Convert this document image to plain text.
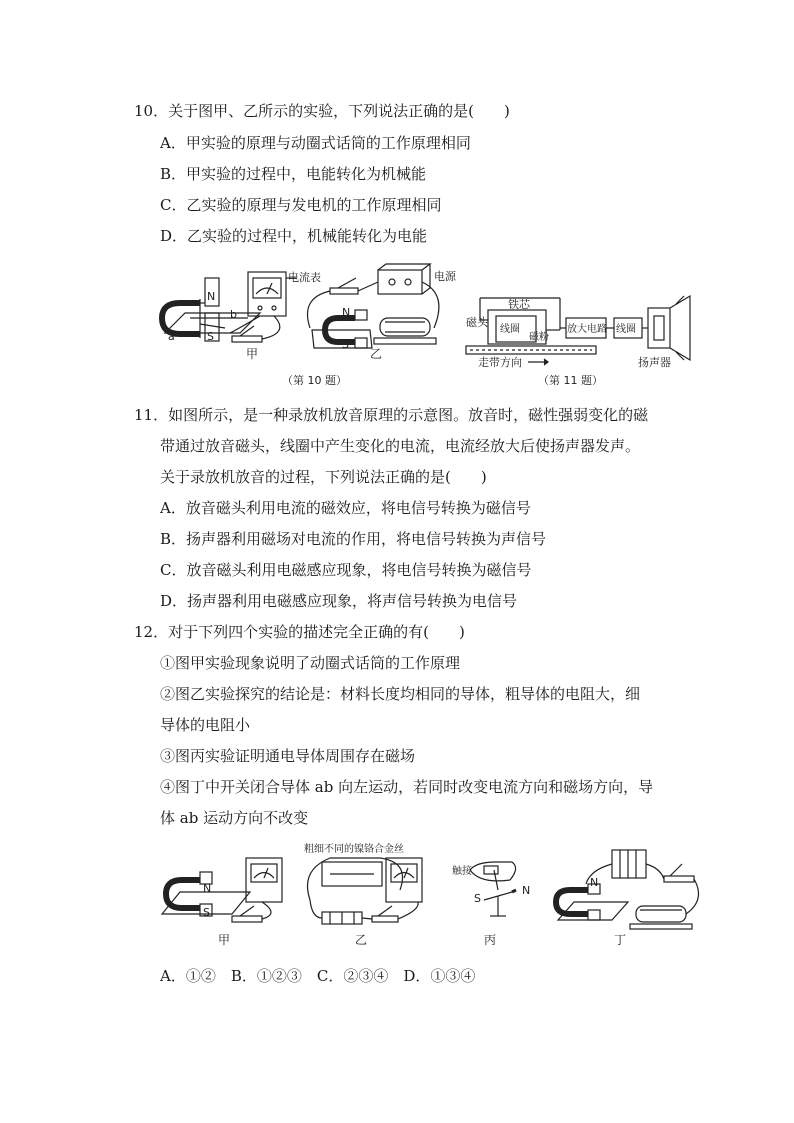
10．关于图甲、乙所示的实验，下列说法正确的是(　　)
A．甲实验的原理与动圈式话筒的工作原理相同
B．甲实验的过程中，电能转化为机械能
C．乙实验的原理与发电机的工作原理相同
D．乙实验的过程中，机械能转化为电能
电流表	电源
N
S
a
b	N
S
甲	乙
（第 10 题）
铁芯
磁头
线圈
磁粉
放大电路 线圈
走带方向	扬声器
（第 11 题）
11．如图所示，是一种录放机放音原理的示意图。放音时，磁性强弱变化的磁
带通过放音磁头，线圈中产生变化的电流，电流经放大后使扬声器发声。
关于录放机放音的过程，下列说法正确的是(　　)
A．放音磁头利用电流的磁效应，将电信号转换为磁信号
B．扬声器利用磁场对电流的作用，将电信号转换为声信号
C．放音磁头利用电磁感应现象，将电信号转换为磁信号
D．扬声器利用电磁感应现象，将声信号转换为电信号
12．对于下列四个实验的描述完全正确的有(　　)
①图甲实验现象说明了动圈式话筒的工作原理
②图乙实验探究的结论是：材料长度均相同的导体，粗导体的电阻大，细
导体的电阻小
③图丙实验证明通电导体周围存在磁场
④图丁中开关闭合导体 ab 向左运动，若同时改变电流方向和磁场方向，导
体 ab 运动方向不改变
粗细不同的镍铬合金丝
N
S
触接
S
N
N
甲	乙	丙	丁
A．①②　B．①②③　C．②③④　D．①③④
